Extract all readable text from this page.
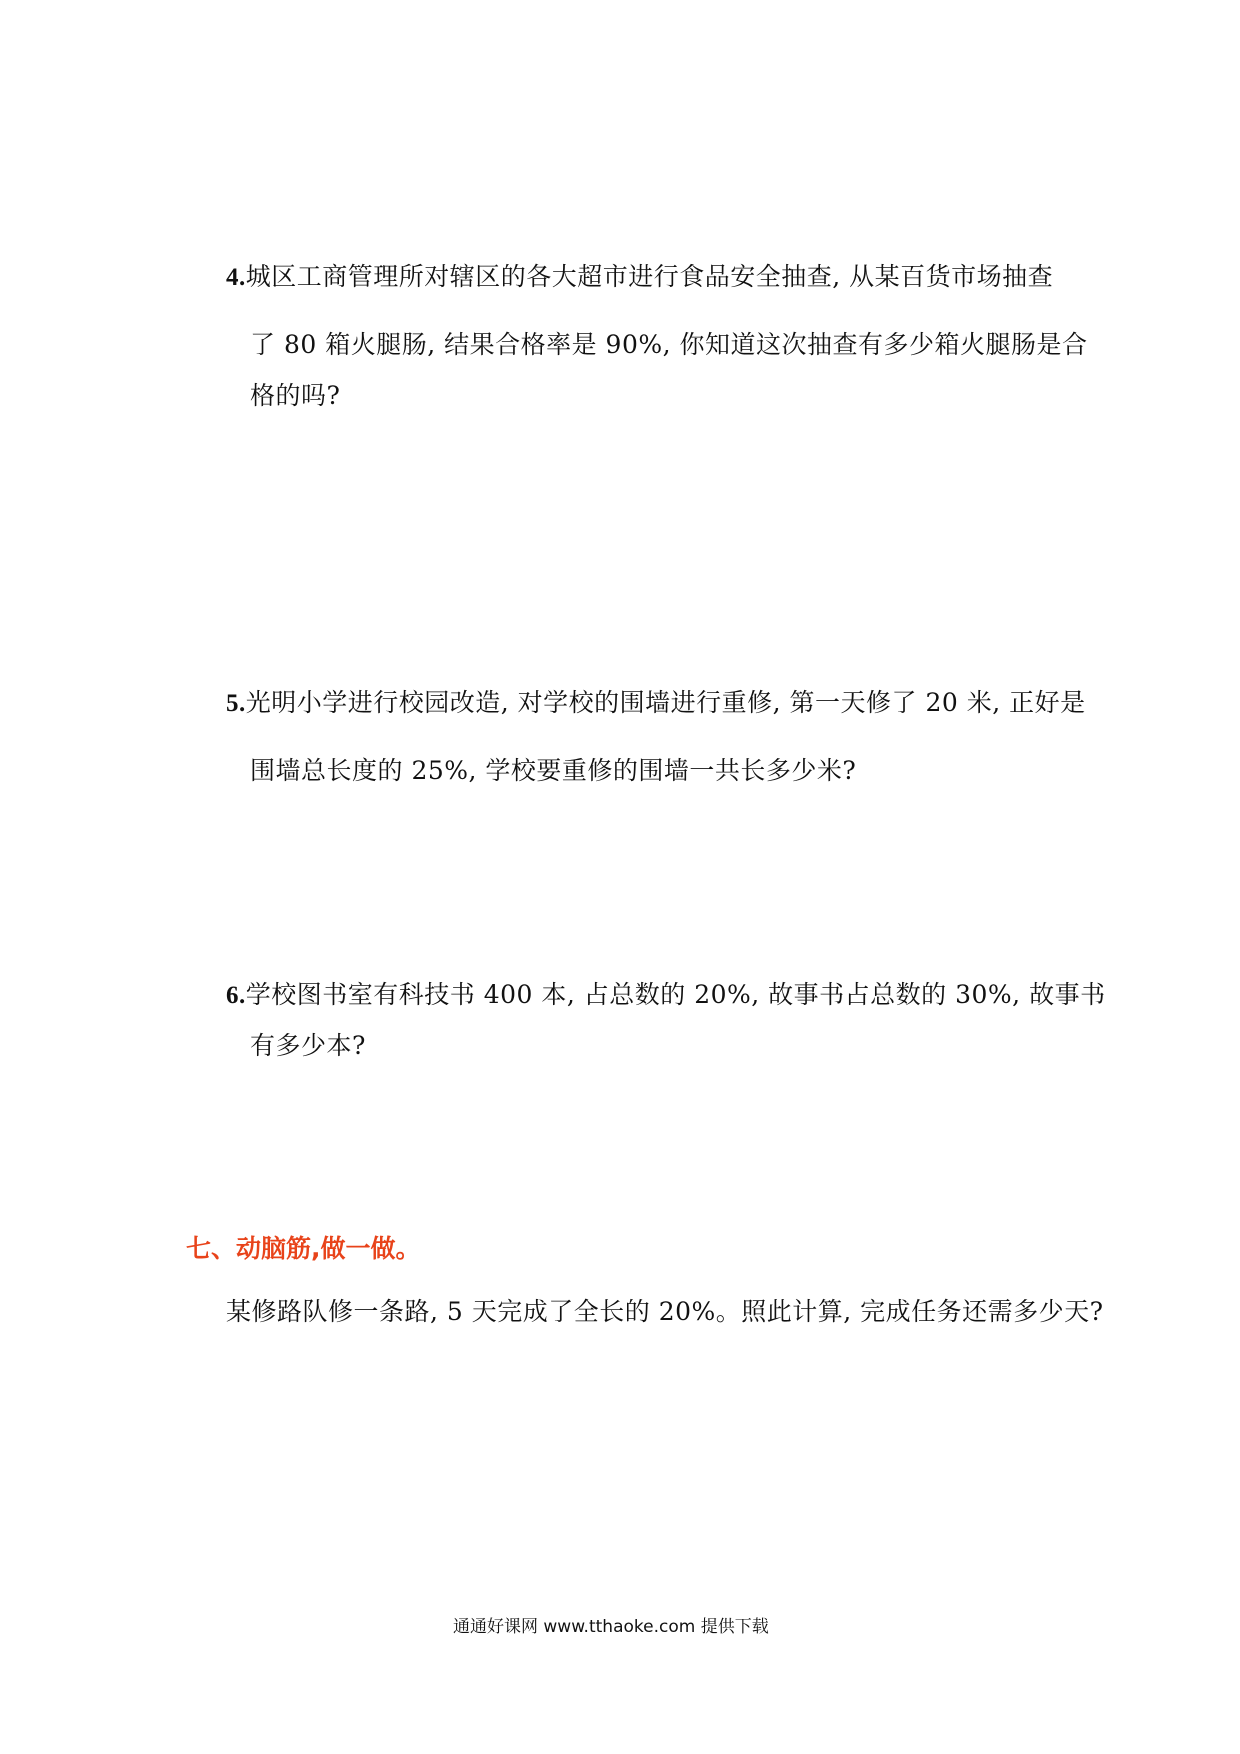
4.城区工商管理所对辖区的各大超市进行食品安全抽查, 从某百货市场抽查
了 80 箱火腿肠, 结果合格率是 90%, 你知道这次抽查有多少箱火腿肠是合
格的吗?
5.光明小学进行校园改造, 对学校的围墙进行重修, 第一天修了 20 米, 正好是
围墙总长度的 25%, 学校要重修的围墙一共长多少米?
6.学校图书室有科技书 400 本, 占总数的 20%, 故事书占总数的 30%, 故事书
有多少本?
七、动脑筋,做一做。
某修路队修一条路, 5 天完成了全长的 20%。照此计算, 完成任务还需多少天?
通通好课网 www.tthaoke.com 提供下载
